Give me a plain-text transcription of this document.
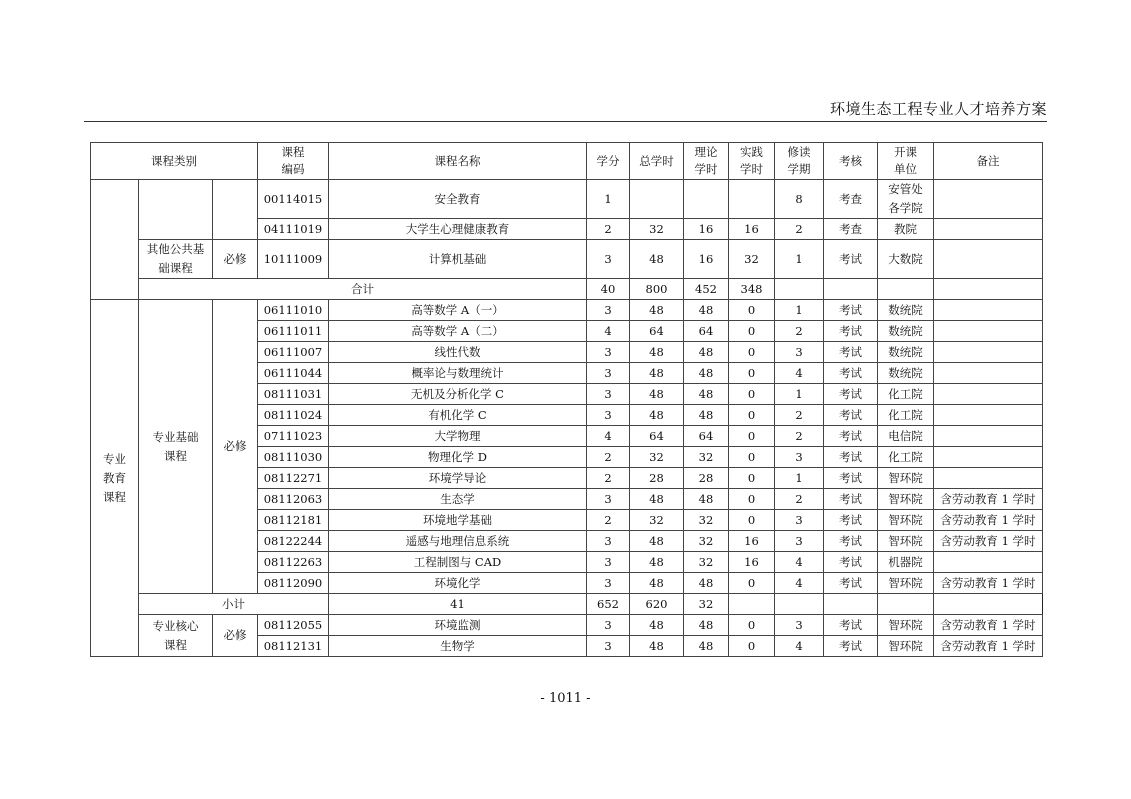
环境生态工程专业人才培养方案
课程类别			课程编码	课程名称	学分	总学时	理论学时	实践学时	修读学期	考核	开课单位	备注
			00114015	安全教育	1				8	考查	安管处各学院	
			04111019	大学生心理健康教育	2	32	16	16	2	考查	教院	
	其他公共基础课程	必修	10111009	计算机基础	3	48	16	32	1	考试	大数院	
	合计				40	800	452	348				
专业教育课程	专业基础课程	必修	06111010	高等数学 A（一）	3	48	48	0	1	考试	数统院	
			06111011	高等数学 A（二）	4	64	64	0	2	考试	数统院	
			06111007	线性代数	3	48	48	0	3	考试	数统院	
			06111044	概率论与数理统计	3	48	48	0	4	考试	数统院	
			08111031	无机及分析化学 C	3	48	48	0	1	考试	化工院	
			08111024	有机化学 C	3	48	48	0	2	考试	化工院	
			07111023	大学物理	4	64	64	0	2	考试	电信院	
			08111030	物理化学 D	2	32	32	0	3	考试	化工院	
			08112271	环境学导论	2	28	28	0	1	考试	智环院	
			08112063	生态学	3	48	48	0	2	考试	智环院	含劳动教育 1 学时
			08112181	环境地学基础	2	32	32	0	3	考试	智环院	含劳动教育 1 学时
			08122244	遥感与地理信息系统	3	48	32	16	3	考试	智环院	含劳动教育 1 学时
			08112263	工程制图与 CAD	3	48	32	16	4	考试	机器院	
			08112090	环境化学	3	48	48	0	4	考试	智环院	含劳动教育 1 学时
	小计			41	652	620	32					
	专业核心课程	必修	08112055	环境监测	3	48	48	0	3	考试	智环院	含劳动教育 1 学时
			08112131	生物学	3	48	48	0	4	考试	智环院	含劳动教育 1 学时
- 1011 -
